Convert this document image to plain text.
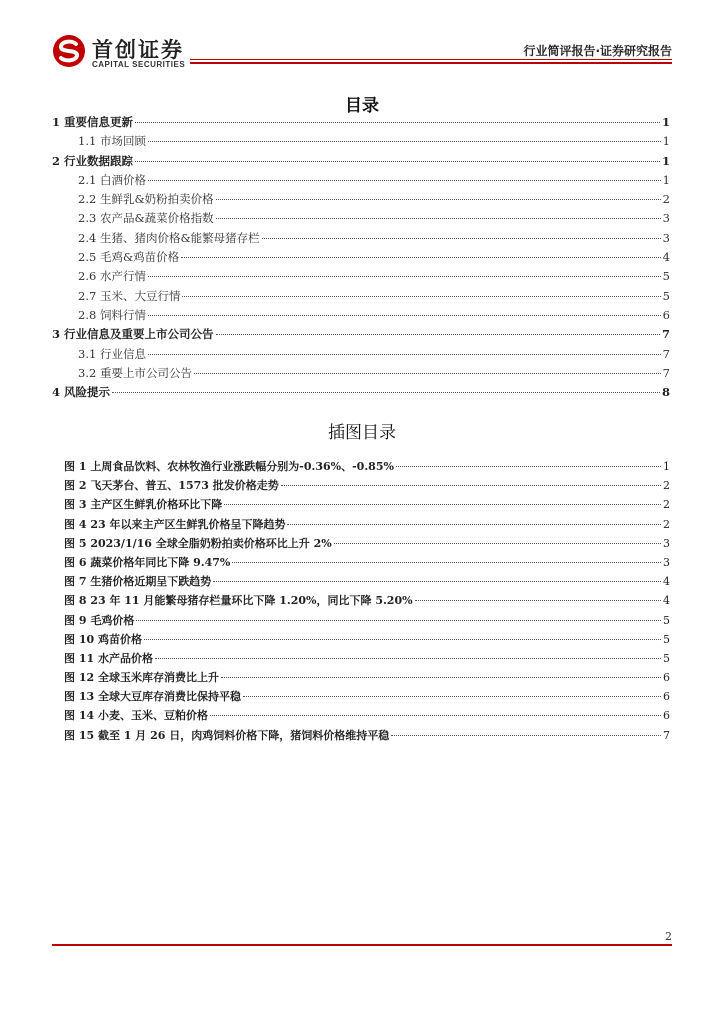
首创证券
CAPITAL SECURITIES
行业简评报告·证券研究报告
目录
1 重要信息更新	1
1.1 市场回顾	1
2 行业数据跟踪	1
2.1 白酒价格	1
2.2 生鲜乳&奶粉拍卖价格	2
2.3 农产品&蔬菜价格指数	3
2.4 生猪、猪肉价格&能繁母猪存栏	3
2.5 毛鸡&鸡苗价格	4
2.6 水产行情	5
2.7 玉米、大豆行情	5
2.8 饲料行情	6
3 行业信息及重要上市公司公告	7
3.1 行业信息	7
3.2 重要上市公司公告	7
4 风险提示	8
插图目录
图 1 上周食品饮料、农林牧渔行业涨跌幅分别为-0.36%、-0.85%	1
图 2 飞天茅台、普五、1573 批发价格走势	2
图 3 主产区生鲜乳价格环比下降	2
图 4 23 年以来主产区生鲜乳价格呈下降趋势	2
图 5 2023/1/16 全球全脂奶粉拍卖价格环比上升 2%	3
图 6 蔬菜价格年同比下降 9.47%	3
图 7 生猪价格近期呈下跌趋势	4
图 8 23 年 11 月能繁母猪存栏量环比下降 1.20%，同比下降 5.20%	4
图 9 毛鸡价格	5
图 10 鸡苗价格	5
图 11 水产品价格	5
图 12 全球玉米库存消费比上升	6
图 13 全球大豆库存消费比保持平稳	6
图 14 小麦、玉米、豆粕价格	6
图 15 截至 1 月 26 日，肉鸡饲料价格下降，猪饲料价格维持平稳	7
2
